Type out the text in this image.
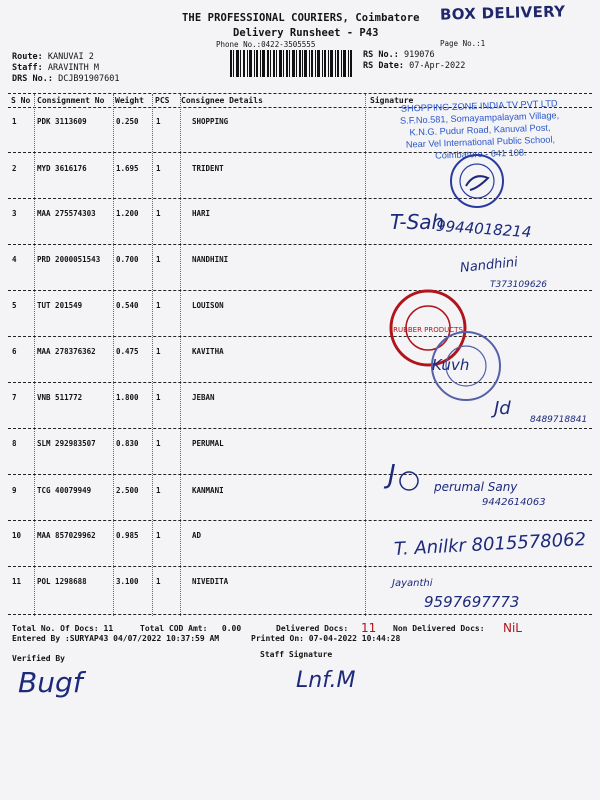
THE PROFESSIONAL COURIERS, Coimbatore
Delivery Runsheet - P43
Phone No.:0422-3505555	Page No.:1
BOX DELIVERY
Route: KANUVAI 2
Staff: ARAVINTH M
DRS No.: DCJB91907601
RS No.: 919076
RS Date: 07-Apr-2022
S No Consignment No Weight PCS Consignee Details	Signature
1	PDK 3113609	0.250 1	SHOPPING
2	MYD 3616176	1.695 1	TRIDENT
3	MAA 275574303	1.200 1	HARI
4	PRD 2000051543 0.700 1	NANDHINI
5	TUT 201549	0.540 1	LOUISON
6	MAA 278376362	0.475 1	KAVITHA
7	VNB 511772	1.800 1	JEBAN
8	SLM 292983507	0.830 1	PERUMAL
9	TCG 40079949	2.500 1	KANMANI
10 MAA 857029962	0.985 1	AD
11 POL 1298688	3.100 1	NIVEDITA
SHOPPING ZONE INDIA TV PVT LTD
S.F.No.581, Somayampalayam Village,
K.N.G. Pudur Road, Kanuval Post,
Near Vel International Public School,
Coimbatore - 641 108.
T-Sah
9944018214
Nandhini
T373109626
RUBBER PRODUCTS
Kuvh
Jd
8489718841
J	perumal Sany
9442614063
T. Anilkr 8015578062
Jayanthi
9597697773
Total No. Of Docs: 11	Total COD Amt: 0.00	Delivered Docs: 11 Non Delivered Docs: NiL
Entered By :SURYAP43 04/07/2022 10:37:59 AM	Printed On: 07-04-2022 10:44:28
Verified By	Staff Signature
Bugf	Lnf.M
